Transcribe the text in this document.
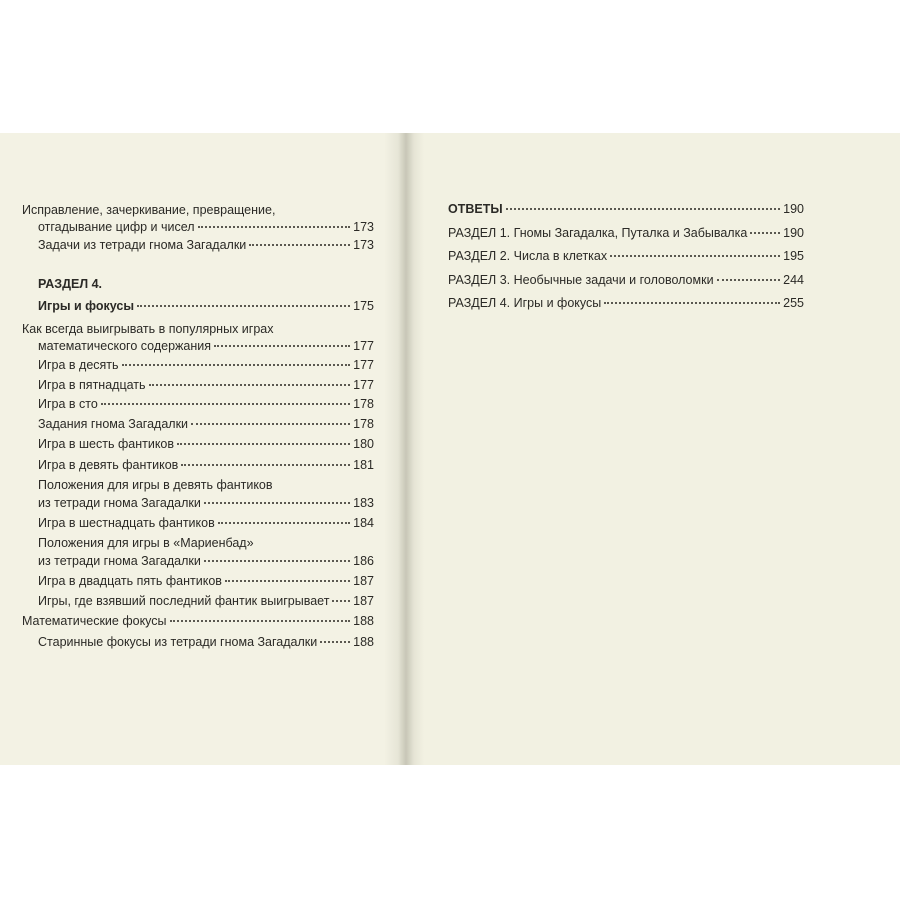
Исправление, зачеркивание, превращение,
отгадывание цифр и чисел	173
Задачи из тетради гнома Загадалки	173
РАЗДЕЛ 4.
Игры и фокусы	175
Как всегда выигрывать в популярных играх
математического содержания	177
Игра в десять	177
Игра в пятнадцать	177
Игра в сто	178
Задания гнома Загадалки	178
Игра в шесть фантиков	180
Игра в девять фантиков	181
Положения для игры в девять фантиков
из тетради гнома Загадалки	183
Игра в шестнадцать фантиков	184
Положения для игры в «Мариенбад»
из тетради гнома Загадалки	186
Игра в двадцать пять фантиков	187
Игры, где взявший последний фантик выигрывает 187
Математические фокусы	188
Старинные фокусы из тетради гнома Загадалки	188
ОТВЕТЫ	190
РАЗДЕЛ 1. Гномы Загадалка, Путалка и Забывалка	190
РАЗДЕЛ 2. Числа в клетках	195
РАЗДЕЛ 3. Необычные задачи и головоломки	244
РАЗДЕЛ 4. Игры и фокусы	255
